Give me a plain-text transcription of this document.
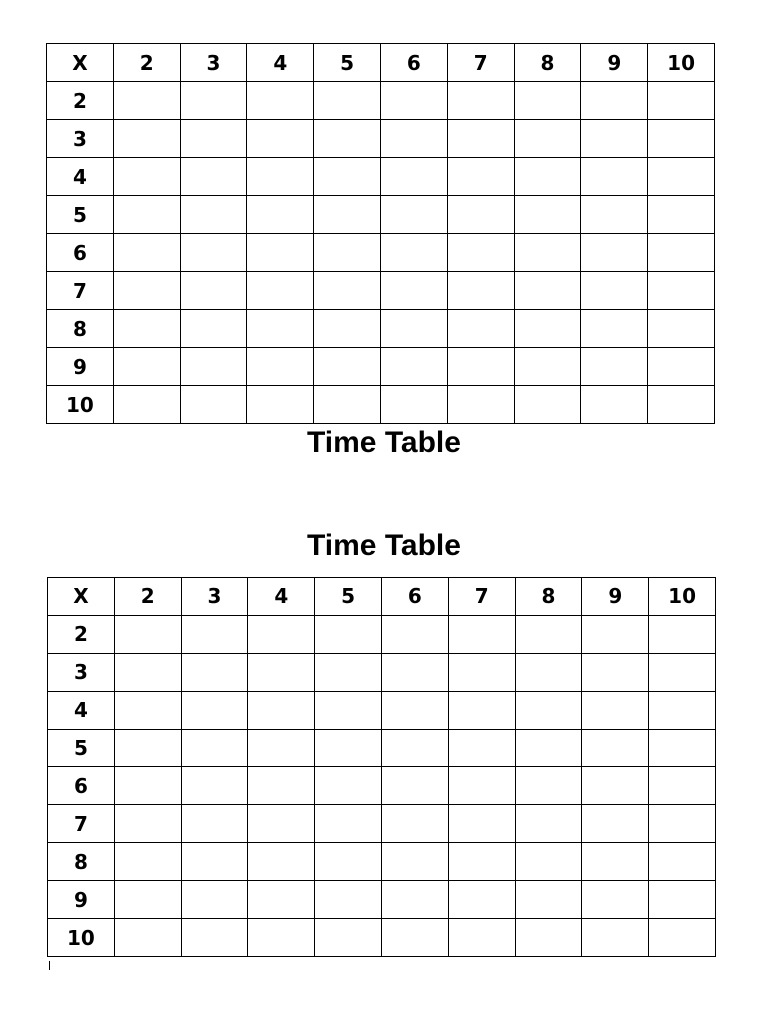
X	2	3	4	5	6	7	8	9	10
2									
3									
4									
5									
6									
7									
8									
9									
10									
Time Table
Time Table
X	2	3	4	5	6	7	8	9	10
2									
3									
4									
5									
6									
7									
8									
9									
10									
